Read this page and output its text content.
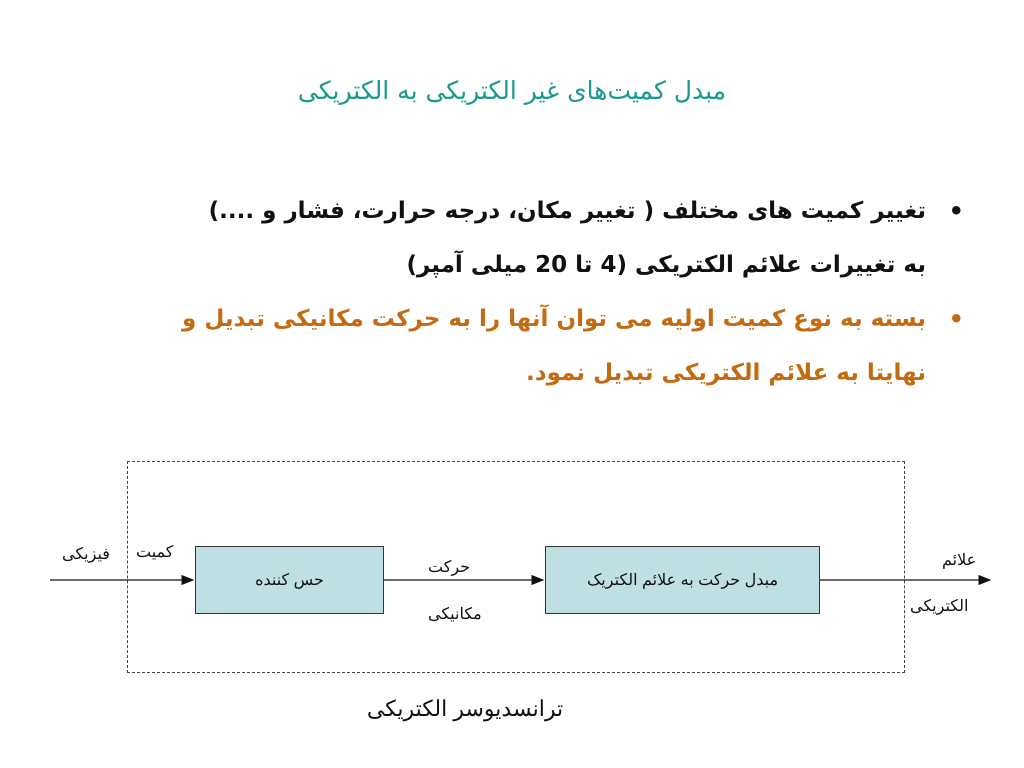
مبدل کمیت‌های غیر الکتریکی به الکتریکی
•
تغییر کمیت های مختلف ( تغییر مکان، درجه حرارت، فشار و ....)
به تغییرات علائم الکتریکی (4 تا 20 میلی آمپر)
•
بسته به نوع کمیت اولیه می توان آنها را به حرکت مکانیکی تبدیل و
نهایتا به علائم الکتریکی تبدیل نمود.
حس کننده	مبدل حرکت به علائم الکتریک
کمیت
فیزیکی
حرکت
مکانیکی
علائم
الکتریکی
ترانسدیوسر الکتریکی
